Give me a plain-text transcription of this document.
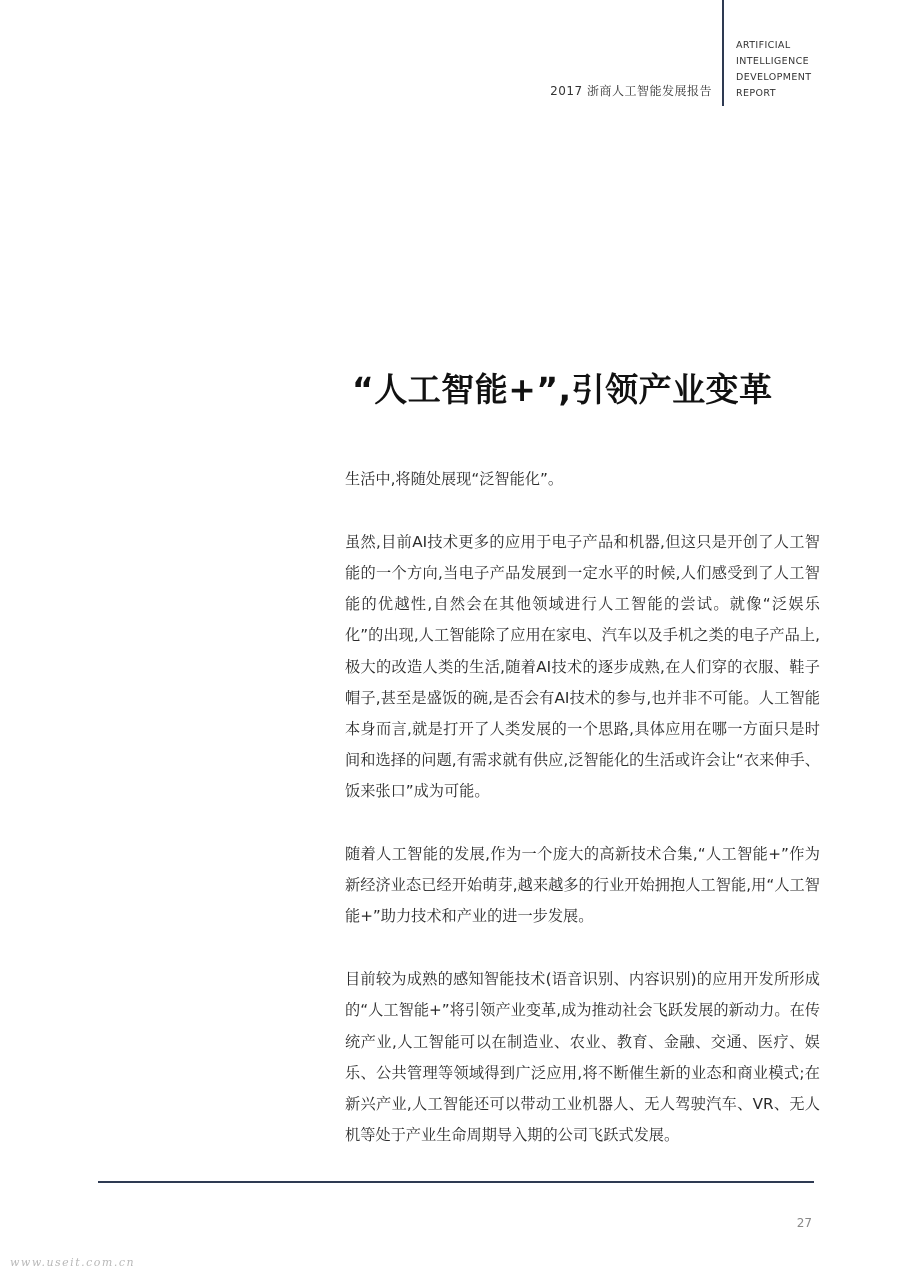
2017 浙商人工智能发展报告
ARTIFICIAL
INTELLIGENCE
DEVELOPMENT
REPORT
“人工智能+”,引领产业变革

生活中,将随处展现“泛智能化”。

虽然,目前AI技术更多的应用于电子产品和机器,但这只是开创了人工智能的一个方向,当电子产品发展到一定水平的时候,人们感受到了人工智能的优越性,自然会在其他领域进行人工智能的尝试。就像“泛娱乐化”的出现,人工智能除了应用在家电、汽车以及手机之类的电子产品上,极大的改造人类的生活,随着AI技术的逐步成熟,在人们穿的衣服、鞋子帽子,甚至是盛饭的碗,是否会有AI技术的参与,也并非不可能。人工智能本身而言,就是打开了人类发展的一个思路,具体应用在哪一方面只是时间和选择的问题,有需求就有供应,泛智能化的生活或许会让“衣来伸手、饭来张口”成为可能。

随着人工智能的发展,作为一个庞大的高新技术合集,“人工智能+”作为新经济业态已经开始萌芽,越来越多的行业开始拥抱人工智能,用“人工智能+”助力技术和产业的进一步发展。

目前较为成熟的感知智能技术(语音识别、内容识别)的应用开发所形成的“人工智能+”将引领产业变革,成为推动社会飞跃发展的新动力。在传统产业,人工智能可以在制造业、农业、教育、金融、交通、医疗、娱乐、公共管理等领域得到广泛应用,将不断催生新的业态和商业模式;在新兴产业,人工智能还可以带动工业机器人、无人驾驶汽车、VR、无人机等处于产业生命周期导入期的公司飞跃式发展。

27
www.useit.com.cn
